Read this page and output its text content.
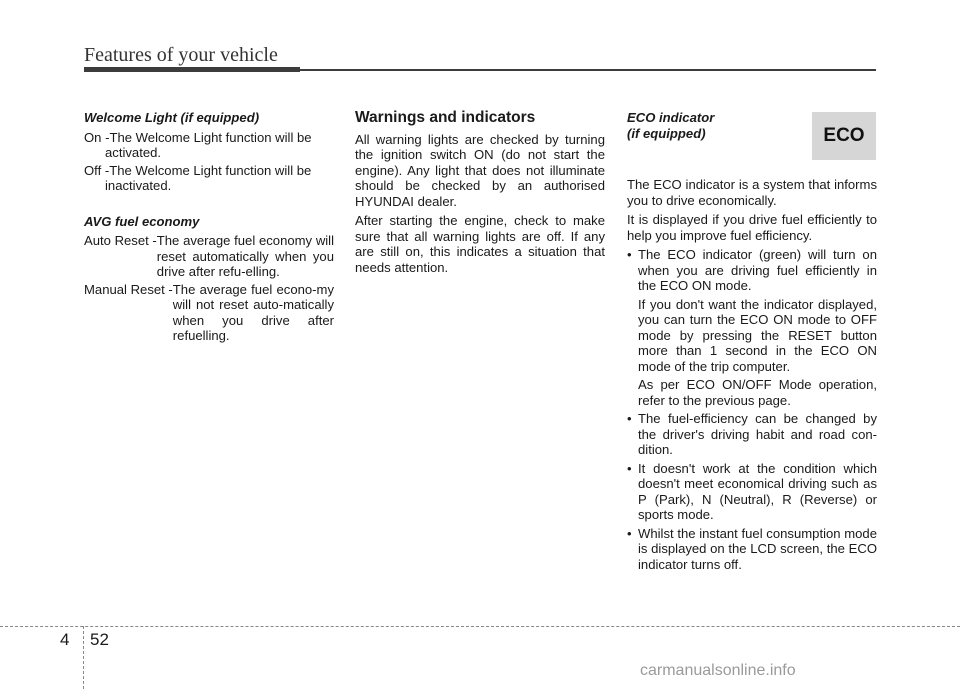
Features of your vehicle
Welcome Light (if equipped)
On - The Welcome Light function will be
activated.
Off - The Welcome Light function will be
inactivated.
AVG fuel economy
Auto Reset - The average fuel economy will reset automatically when you drive after refu-elling.
Manual Reset - The average fuel econo-my will not reset auto-matically when you drive after refuelling.
Warnings and indicators

All warning lights are checked by turning the ignition switch ON (do not start the engine). Any light that does not illuminate should be checked by an authorised HYUNDAI dealer.

After starting the engine, check to make sure that all warning lights are off. If any are still on, this indicates a situation that needs attention.

ECO indicator
(if equipped)

The ECO indicator is a system that informs you to drive economically.

It is displayed if you drive fuel efficiently to help you improve fuel efficiency.

• The ECO indicator (green) will turn on when you are driving fuel efficiently in the ECO ON mode.
If you don't want the indicator displayed, you can turn the ECO ON mode to OFF mode by pressing the RESET button more than 1 second in the ECO ON mode of the trip computer.
As per ECO ON/OFF Mode operation, refer to the previous page.
• The fuel-efficiency can be changed by the driver's driving habit and road con-dition.
• It doesn't work at the condition which doesn't meet economical driving such as P (Park), N (Neutral), R (Reverse) or sports mode.
• Whilst the instant fuel consumption mode is displayed on the LCD screen, the ECO indicator turns off.
ECO
4 52
carmanualsonline.info
